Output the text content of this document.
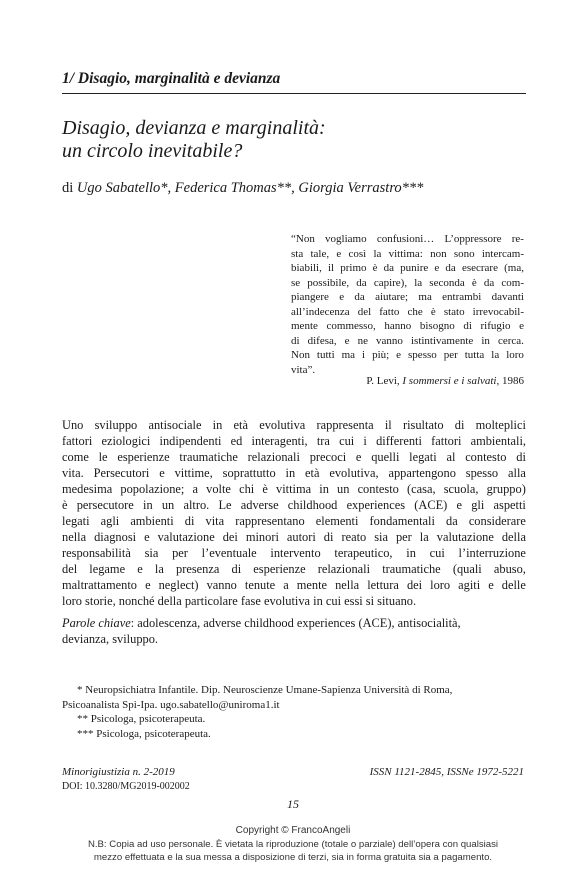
1/ Disagio, marginalità e devianza
Disagio, devianza e marginalità:
un circolo inevitabile?
di Ugo Sabatello*, Federica Thomas**, Giorgia Verrastro***
“Non vogliamo confusioni… L’oppressore re-
sta tale, e così la vittima: non sono intercam-
biabili, il primo è da punire e da esecrare (ma,
se possibile, da capire), la seconda è da com-
piangere e da aiutare; ma entrambi davanti
all’indecenza del fatto che è stato irrevocabil-
mente commesso, hanno bisogno di rifugio e
di difesa, e ne vanno istintivamente in cerca.
Non tutti ma i più; e spesso per tutta la loro
vita”.
P. Levi, I sommersi e i salvati, 1986
Uno sviluppo antisociale in età evolutiva rappresenta il risultato di molteplici
fattori eziologici indipendenti ed interagenti, tra cui i differenti fattori ambientali,
come le esperienze traumatiche relazionali precoci e quelli legati al contesto di
vita. Persecutori e vittime, soprattutto in età evolutiva, appartengono spesso alla
medesima popolazione; a volte chi è vittima in un contesto (casa, scuola, gruppo)
è persecutore in un altro. Le adverse childhood experiences (ACE) e gli aspetti
legati agli ambienti di vita rappresentano elementi fondamentali da considerare
nella diagnosi e valutazione dei minori autori di reato sia per la valutazione della
responsabilità sia per l’eventuale intervento terapeutico, in cui l’interruzione
del legame e la presenza di esperienze relazionali traumatiche (quali abuso,
maltrattamento e neglect) vanno tenute a mente nella lettura dei loro agiti e delle
loro storie, nonché della particolare fase evolutiva in cui essi si situano.
Parole chiave: adolescenza, adverse childhood experiences (ACE), antisocialità,
devianza, sviluppo.
* Neuropsichiatra Infantile. Dip. Neuroscienze Umane-Sapienza Università di Roma,
Psicoanalista Spi-Ipa. ugo.sabatello@uniroma1.it
** Psicologa, psicoterapeuta.
*** Psicologa, psicoterapeuta.
Minorigiustizia n. 2-2019
DOI: 10.3280/MG2019-002002
ISSN 1121-2845, ISSNe 1972-5221
15
Copyright © FrancoAngeli
N.B: Copia ad uso personale. È vietata la riproduzione (totale o parziale) dell’opera con qualsiasi
mezzo effettuata e la sua messa a disposizione di terzi, sia in forma gratuita sia a pagamento.
